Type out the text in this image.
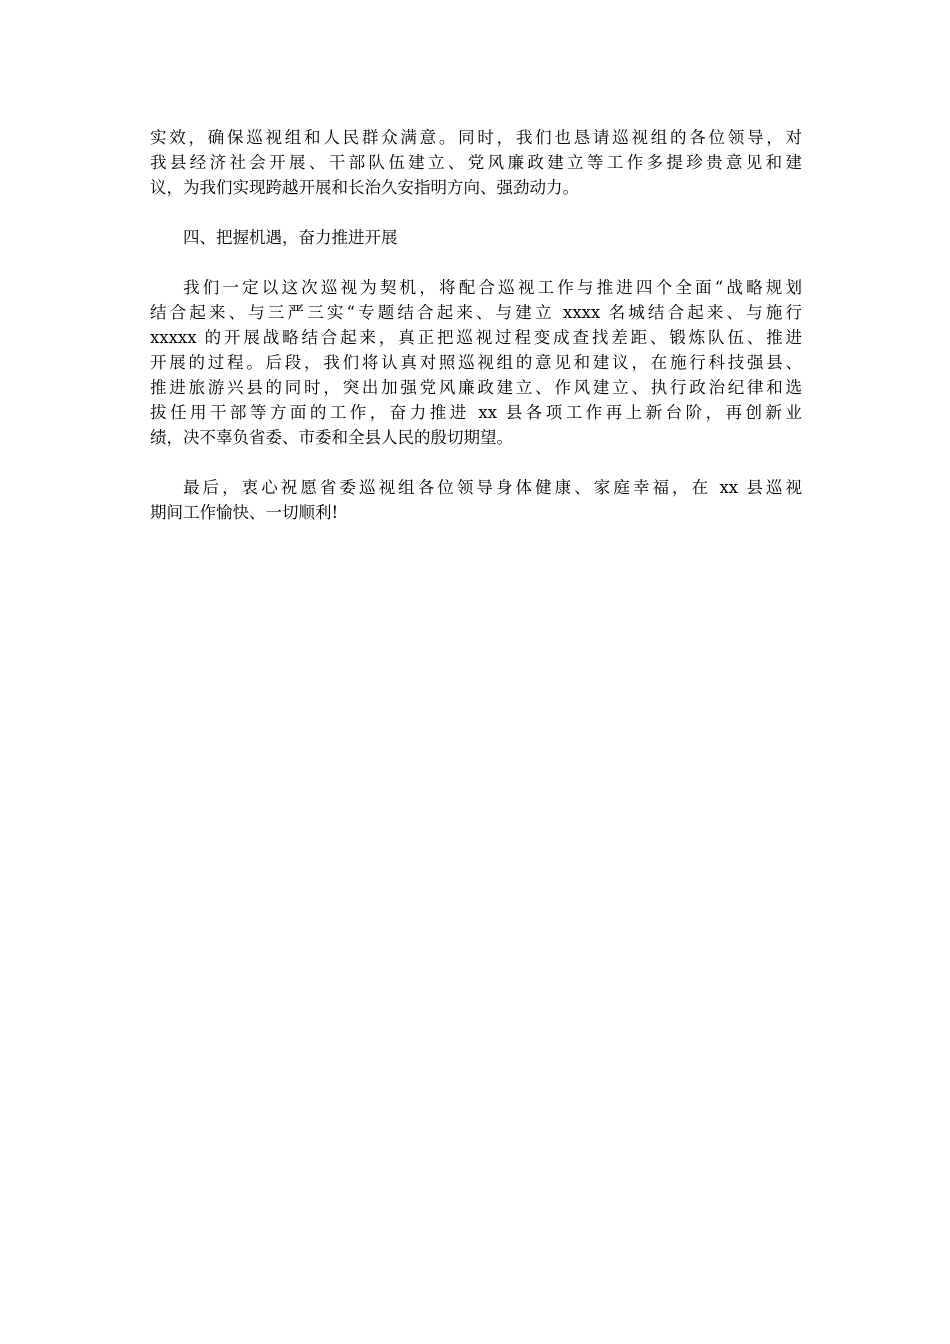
实效，确保巡视组和人民群众满意。同时，我们也恳请巡视组的各位领导，对
我县经济社会开展、干部队伍建立、党风廉政建立等工作多提珍贵意见和建
议，为我们实现跨越开展和长治久安指明方向、强劲动力。

四、把握机遇，奋力推进开展

我们一定以这次巡视为契机，将配合巡视工作与推进四个全面“战略规划
结合起来、与三严三实“专题结合起来、与建立 xxxx 名城结合起来、与施行
xxxxx 的开展战略结合起来，真正把巡视过程变成查找差距、锻炼队伍、推进
开展的过程。后段，我们将认真对照巡视组的意见和建议，在施行科技强县、
推进旅游兴县的同时，突出加强党风廉政建立、作风建立、执行政治纪律和选
拔任用干部等方面的工作，奋力推进 xx 县各项工作再上新台阶，再创新业
绩，决不辜负省委、市委和全县人民的殷切期望。

最后，衷心祝愿省委巡视组各位领导身体健康、家庭幸福，在 xx 县巡视
期间工作愉快、一切顺利!
